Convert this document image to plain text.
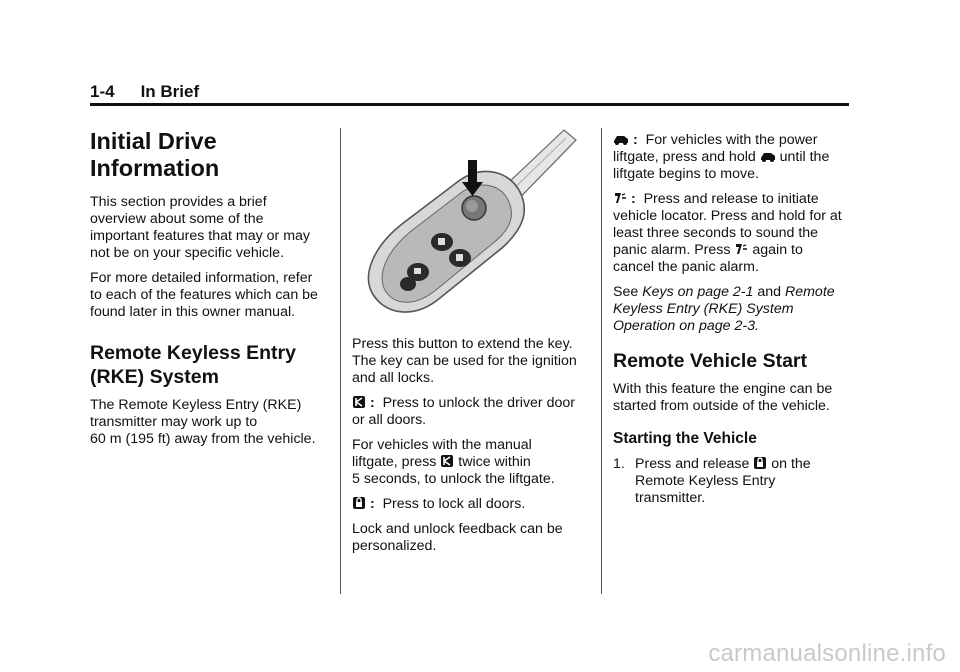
1-4 In Brief
Initial Drive
Information

This section provides a brief
overview about some of the
important features that may or may
not be on your specific vehicle.

For more detailed information, refer
to each of the features which can be
found later in this owner manual.

Remote Keyless Entry
(RKE) System

The Remote Keyless Entry (RKE)
transmitter may work up to
60 m (195 ft) away from the vehicle.

Press this button to extend the key.
The key can be used for the ignition
and all locks.

: Press to unlock the driver door
or all doors.

For vehicles with the manual
liftgate, press  twice within
5 seconds, to unlock the liftgate.

: Press to lock all doors.

Lock and unlock feedback can be
personalized.

: For vehicles with the power
liftgate, press and hold  until the
liftgate begins to move.

: Press and release to initiate
vehicle locator. Press and hold for at
least three seconds to sound the
panic alarm. Press  again to
cancel the panic alarm.

See Keys on page 2-1 and Remote
Keyless Entry (RKE) System
Operation on page 2-3.

Remote Vehicle Start

With this feature the engine can be
started from outside of the vehicle.

Starting the Vehicle
1. Press and release  on the
Remote Keyless Entry
transmitter.
carmanualsonline.info
